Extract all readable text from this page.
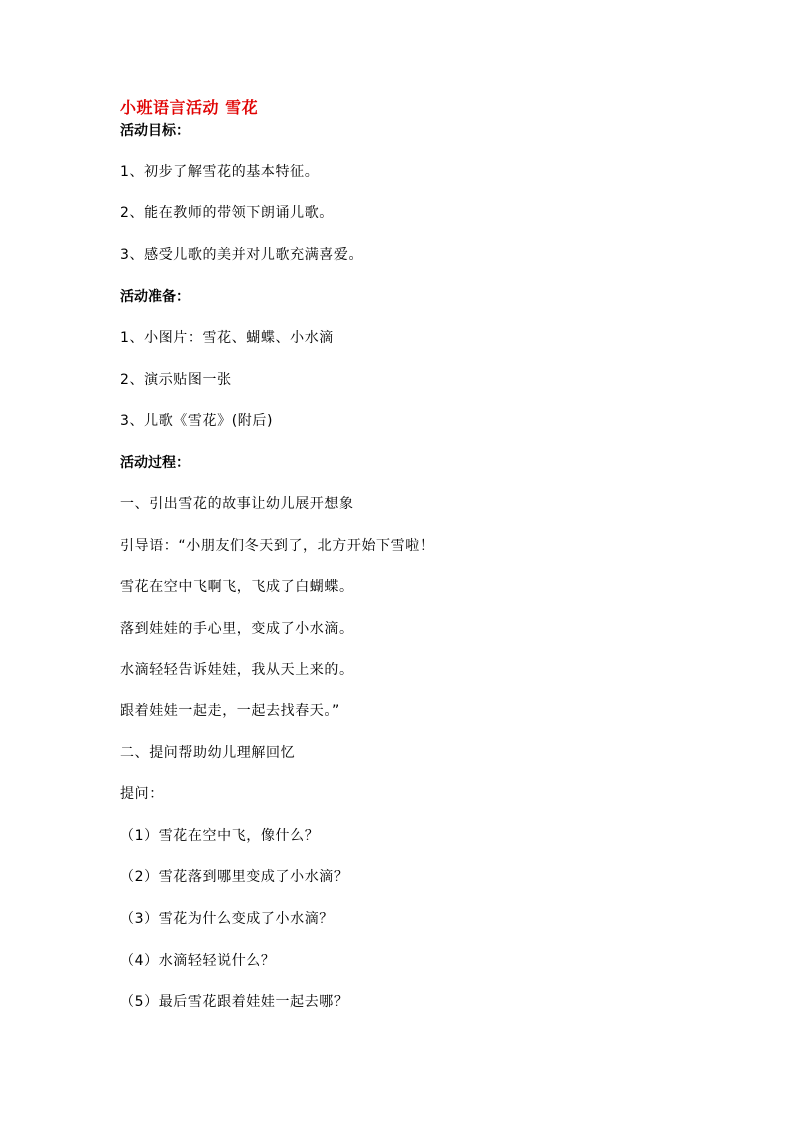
小班语言活动 雪花
活动目标：
1、初步了解雪花的基本特征。
2、能在教师的带领下朗诵儿歌。
3、感受儿歌的美并对儿歌充满喜爱。
活动准备：
1、小图片：雪花、蝴蝶、小水滴
2、演示贴图一张
3、儿歌《雪花》(附后)
活动过程：
一、引出雪花的故事让幼儿展开想象
引导语：“小朋友们冬天到了，北方开始下雪啦！
雪花在空中飞啊飞，飞成了白蝴蝶。
落到娃娃的手心里，变成了小水滴。
水滴轻轻告诉娃娃，我从天上来的。
跟着娃娃一起走，一起去找春天。”
二、提问帮助幼儿理解回忆
提问：
（1）雪花在空中飞，像什么？
（2）雪花落到哪里变成了小水滴？
（3）雪花为什么变成了小水滴？
（4）水滴轻轻说什么？
（5）最后雪花跟着娃娃一起去哪？
